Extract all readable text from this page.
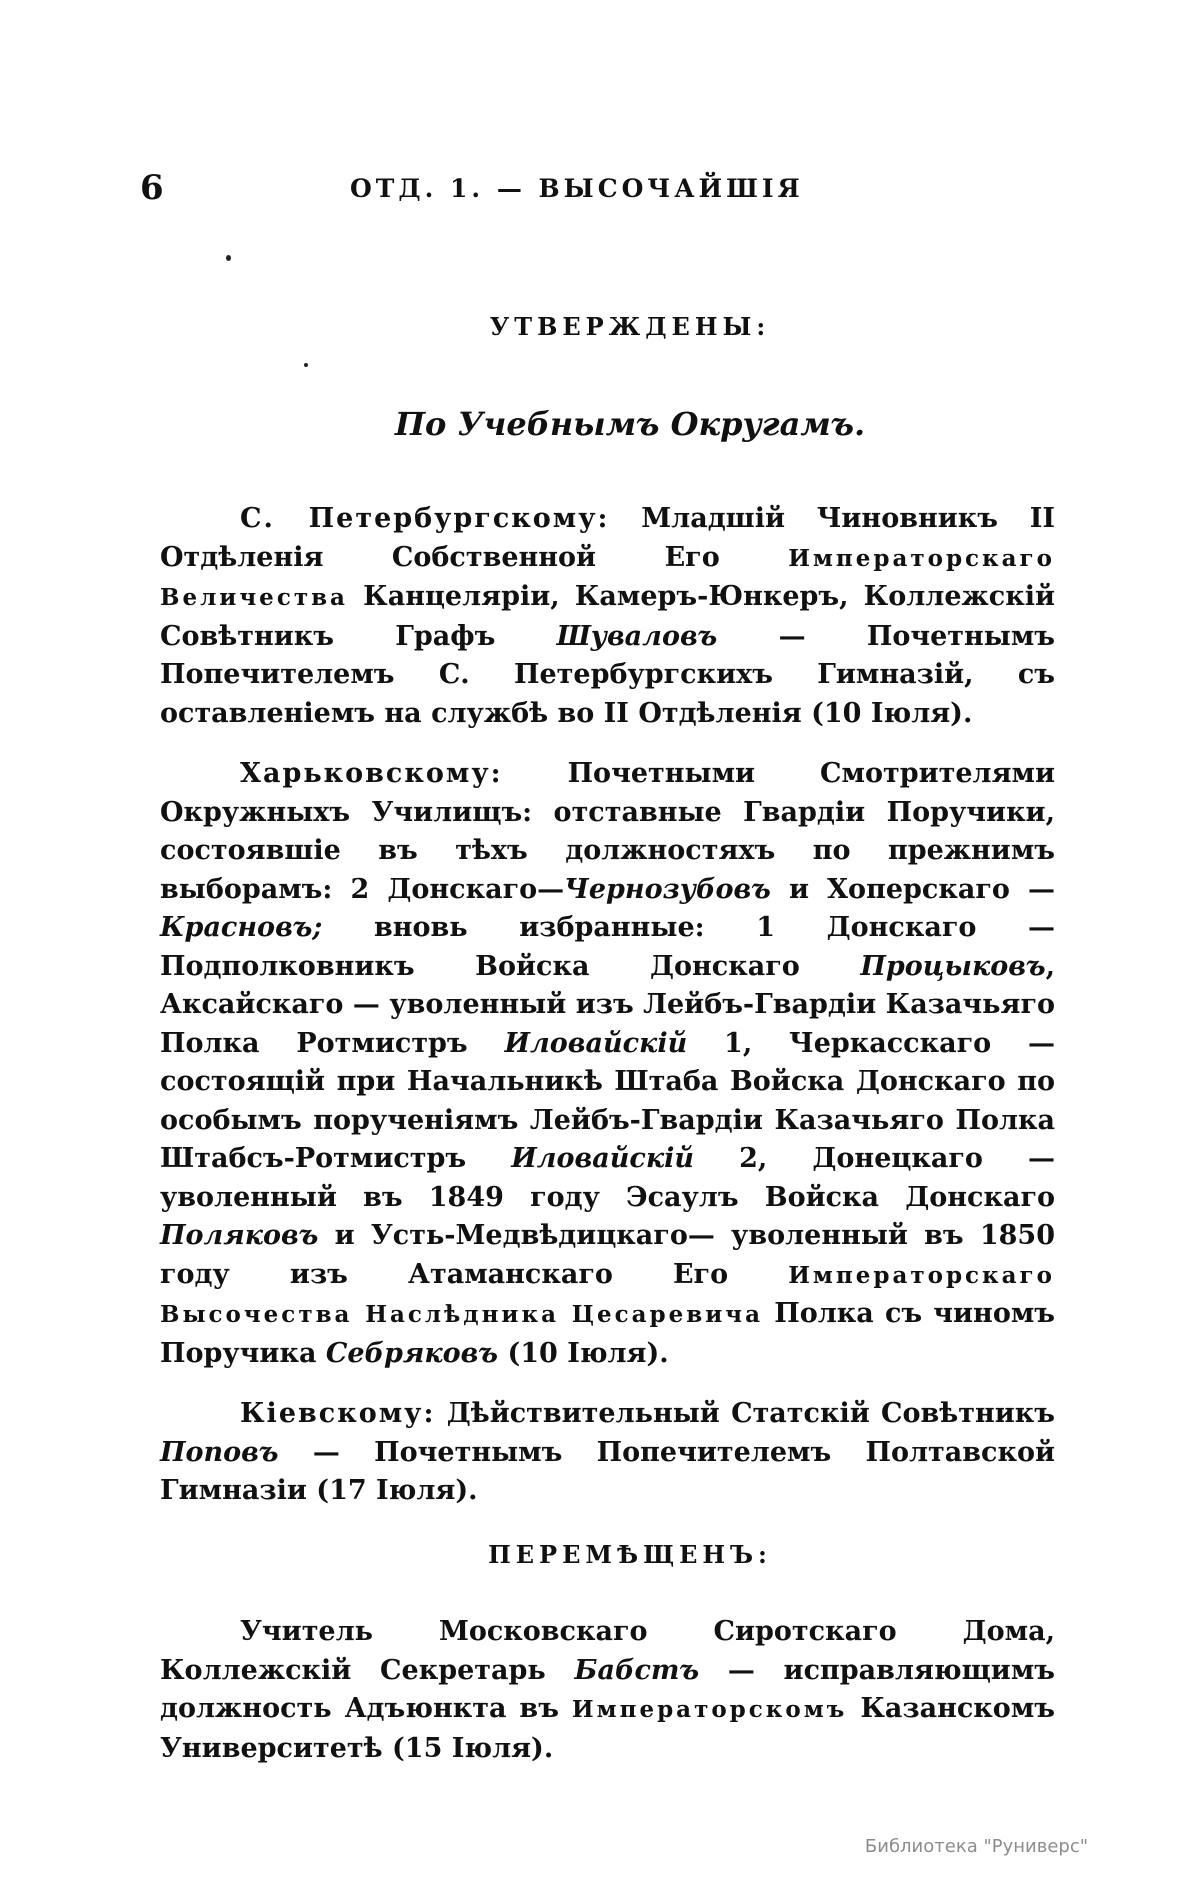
6	ОТД. 1. — ВЫСОЧАЙШІЯ
УТВЕРЖДЕНЫ:
По Учебнымъ Округамъ.

С. Петербургскому: Младшій Чиновникъ II Отдѣленія Собственной Его Императорскаго Величества Канцеляріи, Камеръ-Юнкеръ, Коллежскій Совѣтникъ Графъ Шуваловъ — Почетнымъ Попечителемъ С. Петербургскихъ Гимназій, съ оставленіемъ на службѣ во II Отдѣленія (10 Іюля).

Харьковскому: Почетными Смотрителями Окружныхъ Училищъ: отставные Гвардіи Поручики, состоявшіе въ тѣхъ должностяхъ по прежнимъ выборамъ: 2 Донскаго—Чернозубовъ и Хоперскаго — Красновъ; вновь избранные: 1 Донскаго — Подполковникъ Войска Донскаго Процыковъ, Аксайскаго — уволенный изъ Лейбъ-Гвардіи Казачьяго Полка Ротмистръ Иловайскій 1, Черкасскаго — состоящій при Начальникѣ Штаба Войска Донскаго по особымъ порученіямъ Лейбъ-Гвардіи Казачьяго Полка Штабсъ-Ротмистръ Иловайскій 2, Донецкаго — уволенный въ 1849 году Эсаулъ Войска Донскаго Поляковъ и Усть-Медвѣдицкаго— уволенный въ 1850 году изъ Атаманскаго Его Императорскаго Высочества Наслѣдника Цесаревича Полка съ чиномъ Поручика Себряковъ (10 Іюля).

Кіевскому: Дѣйствительный Статскій Совѣтникъ Поповъ — Почетнымъ Попечителемъ Полтавской Гимназіи (17 Іюля).

ПЕРЕМѢЩЕНЪ:

Учитель Московскаго Сиротскаго Дома, Коллежскій Секретарь Бабстъ — исправляющимъ должность Адъюнкта въ Императорскомъ Казанскомъ Университетѣ (15 Іюля).

Библиотека "Руниверс"
